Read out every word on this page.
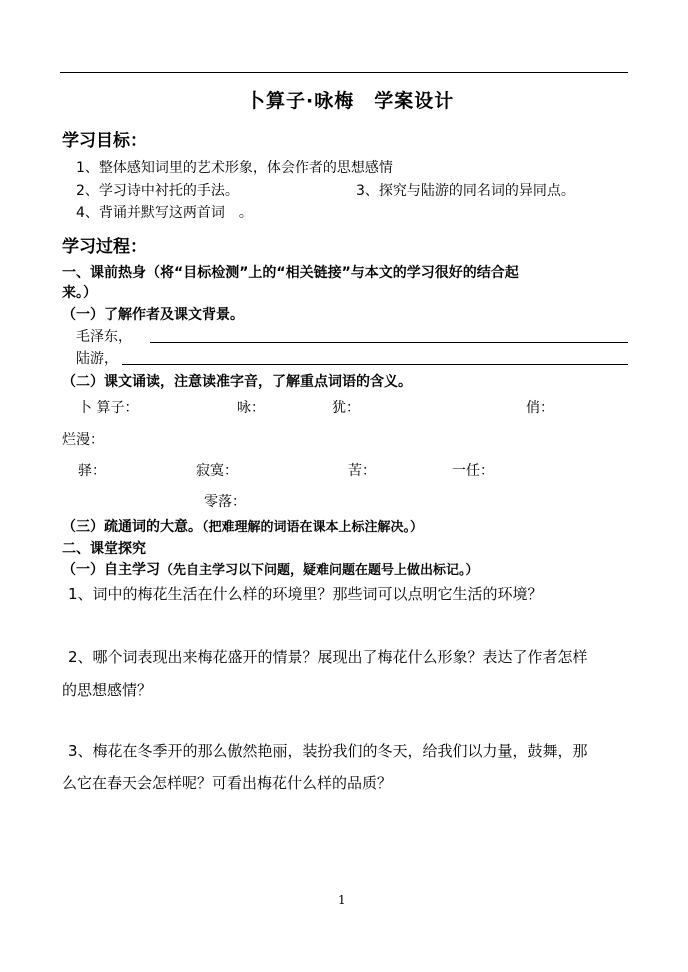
卜算子·咏梅　学案设计
学习目标：
1、整体感知词里的艺术形象，体会作者的思想感情
2、学习诗中衬托的手法。	3、探究与陆游的同名词的异同点。
4、背诵并默写这两首词　。
学习过程：
一、课前热身（将“目标检测”上的“相关链接”与本文的学习很好的结合起
来。）
（一）了解作者及课文背景。
毛泽东，
陆游，
（二）课文诵读，注意读准字音，了解重点词语的含义。
卜 算子：	咏：	犹：	俏：
烂漫：
驿：	寂寞：	苦：	一任：
零落：
（三）疏通词的大意。（把难理解的词语在课本上标注解决。）
二、课堂探究
（一）自主学习（先自主学习以下问题，疑难问题在题号上做出标记。）
1、词中的梅花生活在什么样的环境里？那些词可以点明它生活的环境？
2、哪个词表现出来梅花盛开的情景？展现出了梅花什么形象？表达了作者怎样
的思想感情？
3、梅花在冬季开的那么傲然艳丽，装扮我们的冬天，给我们以力量，鼓舞，那
么它在春天会怎样呢？可看出梅花什么样的品质？
1
